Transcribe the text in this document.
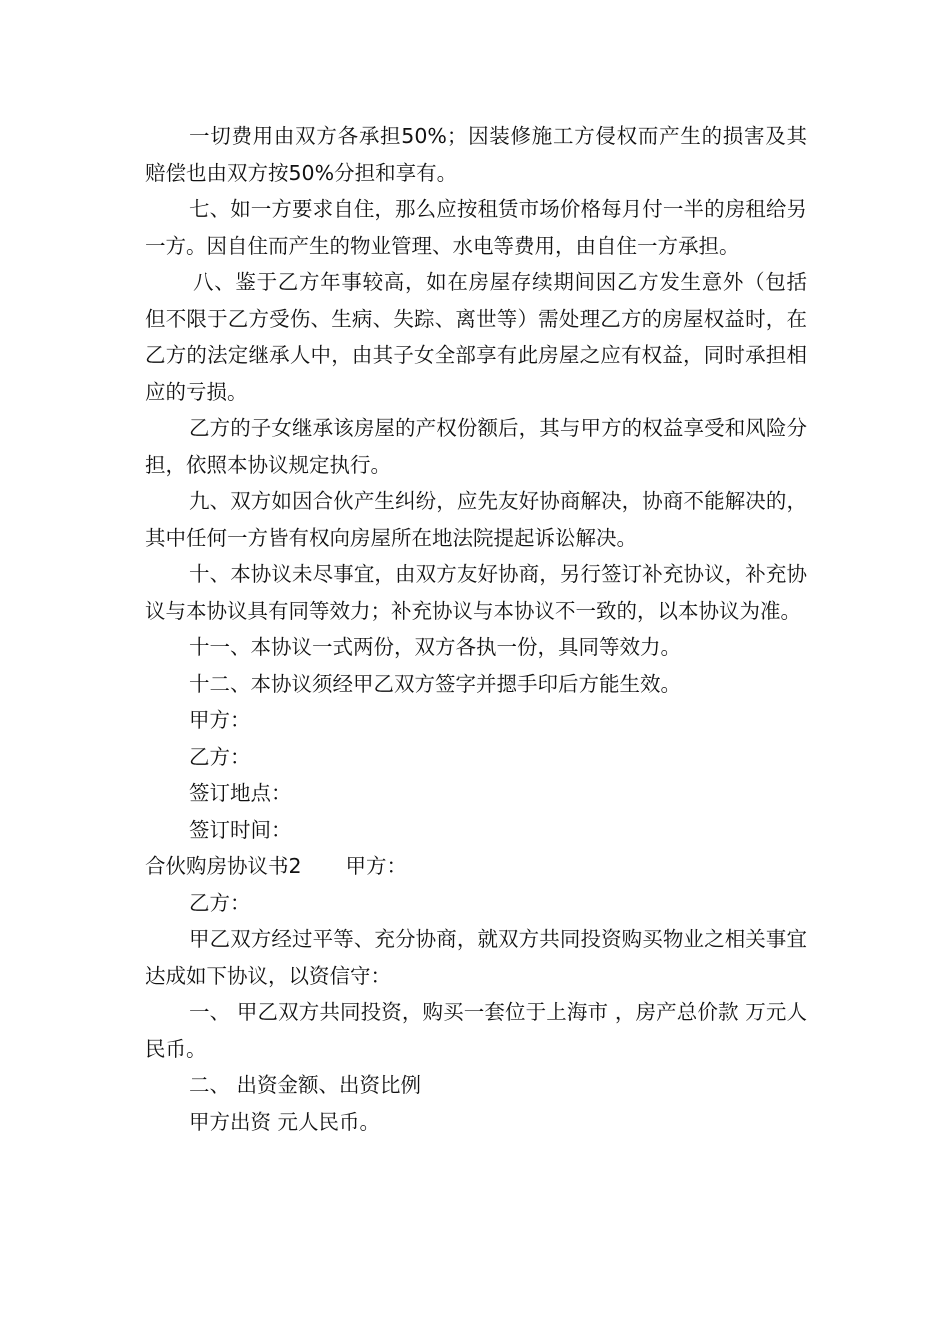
一切费用由双方各承担50%；因装修施工方侵权而产生的损害及其赔偿也由双方按50%分担和享有。

七、如一方要求自住，那么应按租赁市场价格每月付一半的房租给另一方。因自住而产生的物业管理、水电等费用，由自住一方承担。

八、鉴于乙方年事较高，如在房屋存续期间因乙方发生意外（包括但不限于乙方受伤、生病、失踪、离世等）需处理乙方的房屋权益时，在乙方的法定继承人中，由其子女全部享有此房屋之应有权益，同时承担相应的亏损。

乙方的子女继承该房屋的产权份额后，其与甲方的权益享受和风险分担，依照本协议规定执行。

九、双方如因合伙产生纠纷，应先友好协商解决，协商不能解决的，其中任何一方皆有权向房屋所在地法院提起诉讼解决。

十、本协议未尽事宜，由双方友好协商，另行签订补充协议，补充协议与本协议具有同等效力；补充协议与本协议不一致的，以本协议为准。

十一、本协议一式两份，双方各执一份，具同等效力。

十二、本协议须经甲乙双方签字并摁手印后方能生效。

甲方：

乙方：

签订地点：

签订时间：

合伙购房协议书2 甲方：

乙方：

甲乙双方经过平等、充分协商，就双方共同投资购买物业之相关事宜达成如下协议，以资信守：

一、 甲乙双方共同投资，购买一套位于上海市 ，房产总价款 万元人民币。

二、 出资金额、出资比例

甲方出资 元人民币。
